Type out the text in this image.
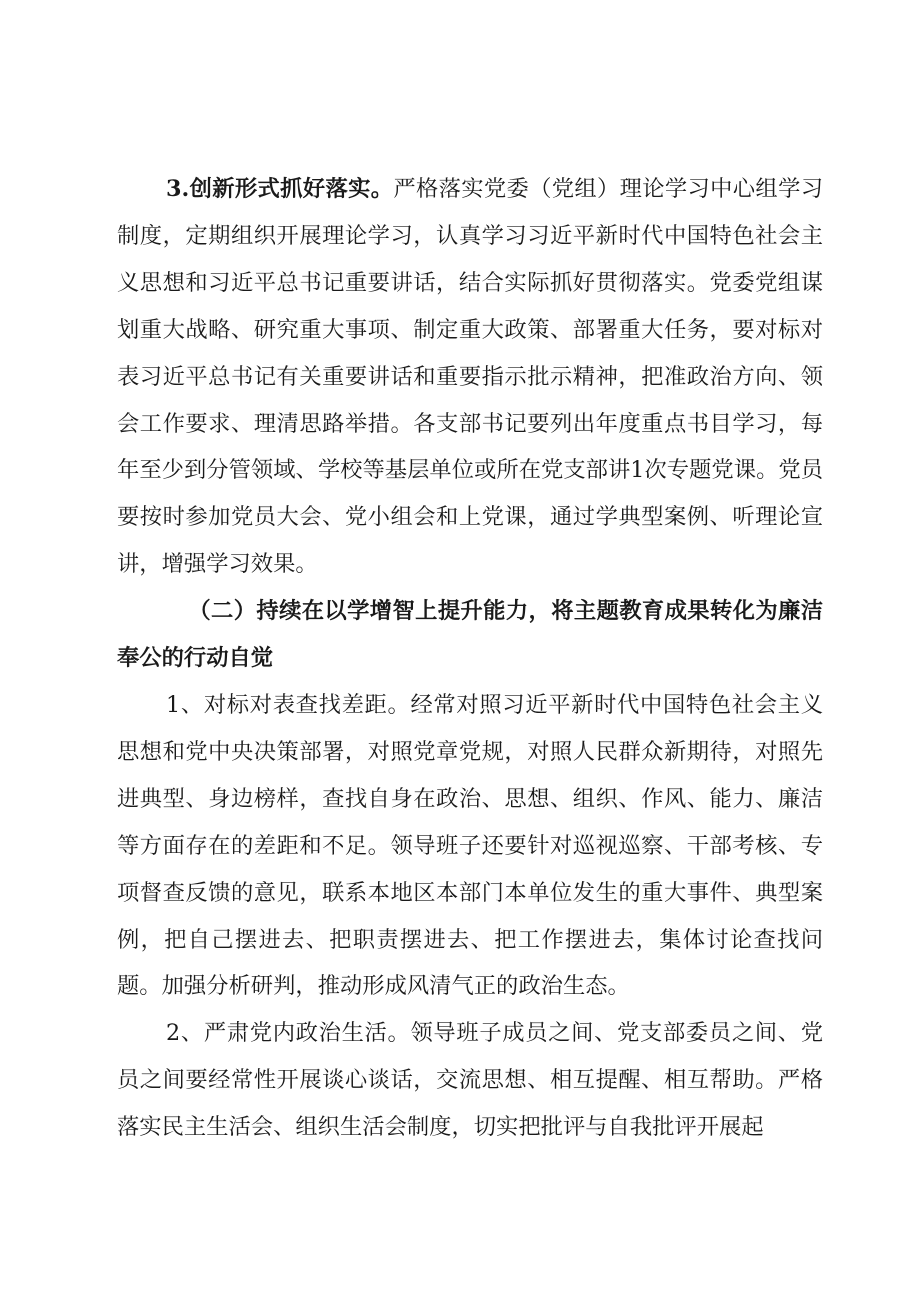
3.创新形式抓好落实。严格落实党委（党组）理论学习中心组学习制度，定期组织开展理论学习，认真学习习近平新时代中国特色社会主义思想和习近平总书记重要讲话，结合实际抓好贯彻落实。党委党组谋划重大战略、研究重大事项、制定重大政策、部署重大任务，要对标对表习近平总书记有关重要讲话和重要指示批示精神，把准政治方向、领会工作要求、理清思路举措。各支部书记要列出年度重点书目学习，每年至少到分管领域、学校等基层单位或所在党支部讲1次专题党课。党员要按时参加党员大会、党小组会和上党课，通过学典型案例、听理论宣讲，增强学习效果。

（二）持续在以学增智上提升能力，将主题教育成果转化为廉洁奉公的行动自觉

1、对标对表查找差距。经常对照习近平新时代中国特色社会主义思想和党中央决策部署，对照党章党规，对照人民群众新期待，对照先进典型、身边榜样，查找自身在政治、思想、组织、作风、能力、廉洁等方面存在的差距和不足。领导班子还要针对巡视巡察、干部考核、专项督查反馈的意见，联系本地区本部门本单位发生的重大事件、典型案例，把自己摆进去、把职责摆进去、把工作摆进去，集体讨论查找问题。加强分析研判，推动形成风清气正的政治生态。

2、严肃党内政治生活。领导班子成员之间、党支部委员之间、党员之间要经常性开展谈心谈话，交流思想、相互提醒、相互帮助。严格落实民主生活会、组织生活会制度，切实把批评与自我批评开展起
